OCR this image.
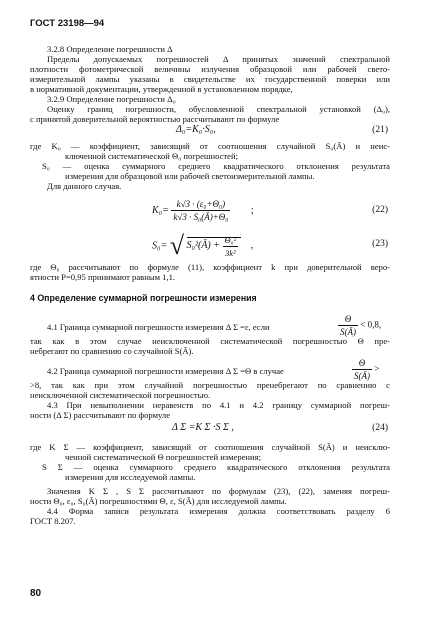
ГОСТ 23198—94
3.2.8 Определение погрешности Δ
Пределы допускаемых погрешностей Δ принятых значений спектральной
плотности фотометрической величины излучения образцовой или рабочей свето-
измерительной лампы указаны в свидетельстве их государственной поверки или
в нормативной документации, утвержденной в установленном порядке,
3.2.9 Определение погрешности Δ₀
Оценку границ погрешности, обусловленной спектральной установкой (Δ₀),
с принятой доверительной вероятностью рассчитывают по формуле
Δ₀=K₀·S₀,	(21)
где K₀ — коэффициент, зависящий от соотношения случайной S₀(Ā) и неис-
ключенной систематической Θ₀ погрешностей;
S₀ — оценка суммарного среднего квадратического отклонения результата
измерения для образцовой или рабочей светоизмерительной лампы.
Для данного случая.
$K_0= \frac{\text{k√3 · (ε₀+Θ₀)}}{\text{k√3 · S₀(Ā)+Θ₀}}$ ;	(22)
S₀= √ S₀²(Ā) + $\frac{\text{Θ₀²}}{\text{3k²}}$ ,	(23)
где Θ₀ рассчитывают по формуле (11), коэффициент k при доверительной веро-
ятности P=0,95 принимают равным 1,1.
4 Определение суммарной погрешности измерения
4.1 Граница суммарной погрешности измерения Δ Σ =ε, если	$\frac{\Theta}{S(Ā)} < 0,8$,
так как в этом случае неисключенной систематической погрешностью Θ пре-
небрегают по сравнению со случайной S(Ā).
4.2 Граница суммарной погрешности измерения Δ Σ =Θ в случае	$\frac{\Theta}{S(Ā)}$ >
>8, так как при этом случайной погрешностью пренебрегают по сравнению с
неисключенной систематической погрешностью.
4.3 При невыполнении неравенств по 4.1 и 4.2 границу суммарной погреш-
ности (Δ Σ) рассчитывают по формуле
Δ Σ =K Σ ·S Σ ,	(24)
где K Σ — коэффициент, зависящий от соотношения случайной S(Ā) и неисклю-
ченной систематической Θ погрешностей измерения;
S Σ — оценка суммарного среднего квадратического отклонения результата
измерения для исследуемой лампы.
Значения K Σ , S Σ рассчитывают по формулам (23), (22), заменяя погреш-
ности Θ₀, ε₀, S₀(Ā) погрешностями Θ, ε, S(Ā) для исследуемой лампы.
4.4 Форма записи результата измерения должна соответствовать разделу 6
ГОСТ 8.207.
80
